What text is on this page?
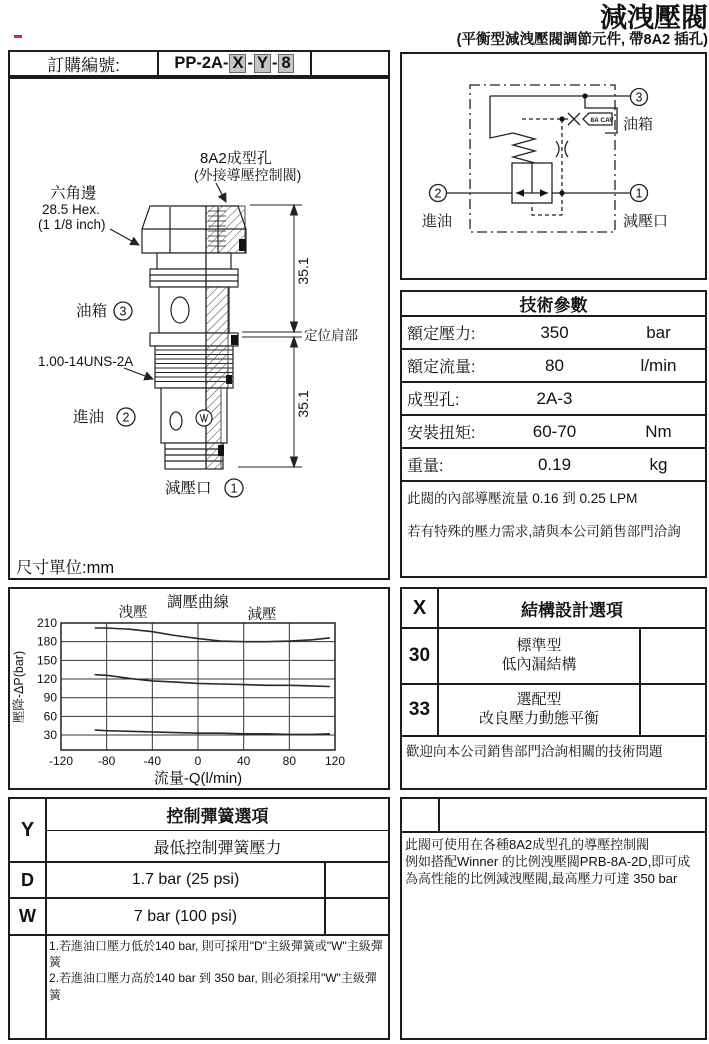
減洩壓閥
(平衡型減洩壓閥調節元件, 帶8A2 插孔)
訂購編號:	PP-2A- X - Y - 8
35.1
35.1
定位肩部
8A2成型孔
(外接導壓控制閥)
六角邊
28.5 Hex.
(1 1/8 inch)
油箱 3
1.00-14UNS-2A
進油 2
減壓口 1
尺寸單位:mm
8A CAV
3
油箱
2
進油
1
減壓口
技術參數
額定壓力:	350	bar
額定流量:	80	l/min
成型孔:	2A-3
安裝扭矩:	60-70	Nm
重量:	0.19	kg
此閥的內部導壓流量 0.16 到 0.25 LPM
若有特殊的壓力需求,請與本公司銷售部門洽詢
調壓曲線
洩壓	減壓
流量-Q(l/min)
壓降-ΔP(bar)
-120 -80 -40	0	40	80 120
30
60
90
120
150
180
210
X	結構設計選項
30	標準型
低內漏結構
33	選配型
改良壓力動態平衡
歡迎向本公司銷售部門洽詢相關的技術問題
Y
控制彈簧選項
最低控制彈簧壓力
D	1.7 bar (25 psi)
W	7 bar (100 psi)
1.若進油口壓力低於140 bar, 則可採用"D"主級彈簧或"W"主級彈簧
2.若進油口壓力高於140 bar 到 350 bar, 則必須採用"W"主級彈簧
此閥可使用在各種8A2成型孔的導壓控制閥
例如搭配Winner 的比例洩壓閥PRB-8A-2D,即可成
為高性能的比例減洩壓閥,最高壓力可達 350 bar
